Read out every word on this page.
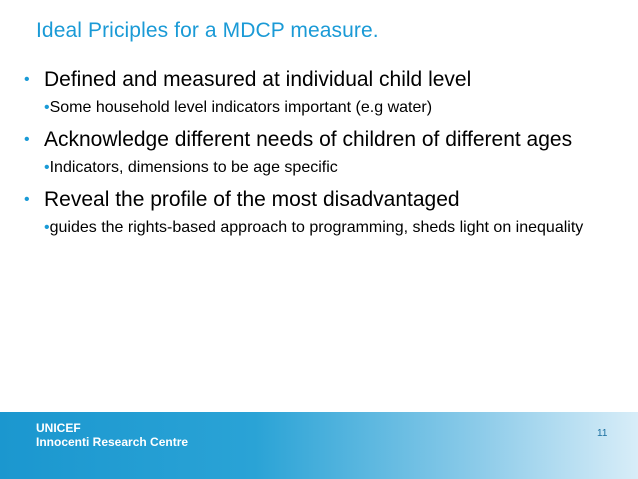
Ideal Priciples for a MDCP measure.
• Defined and measured at individual child level
•Some household level indicators important (e.g water)
• Acknowledge different needs of children of different ages
•Indicators, dimensions to be age specific
• Reveal the profile of the most disadvantaged
•guides the rights-based approach to programming, sheds light on inequality
UNICEF
Innocenti Research Centre
11
